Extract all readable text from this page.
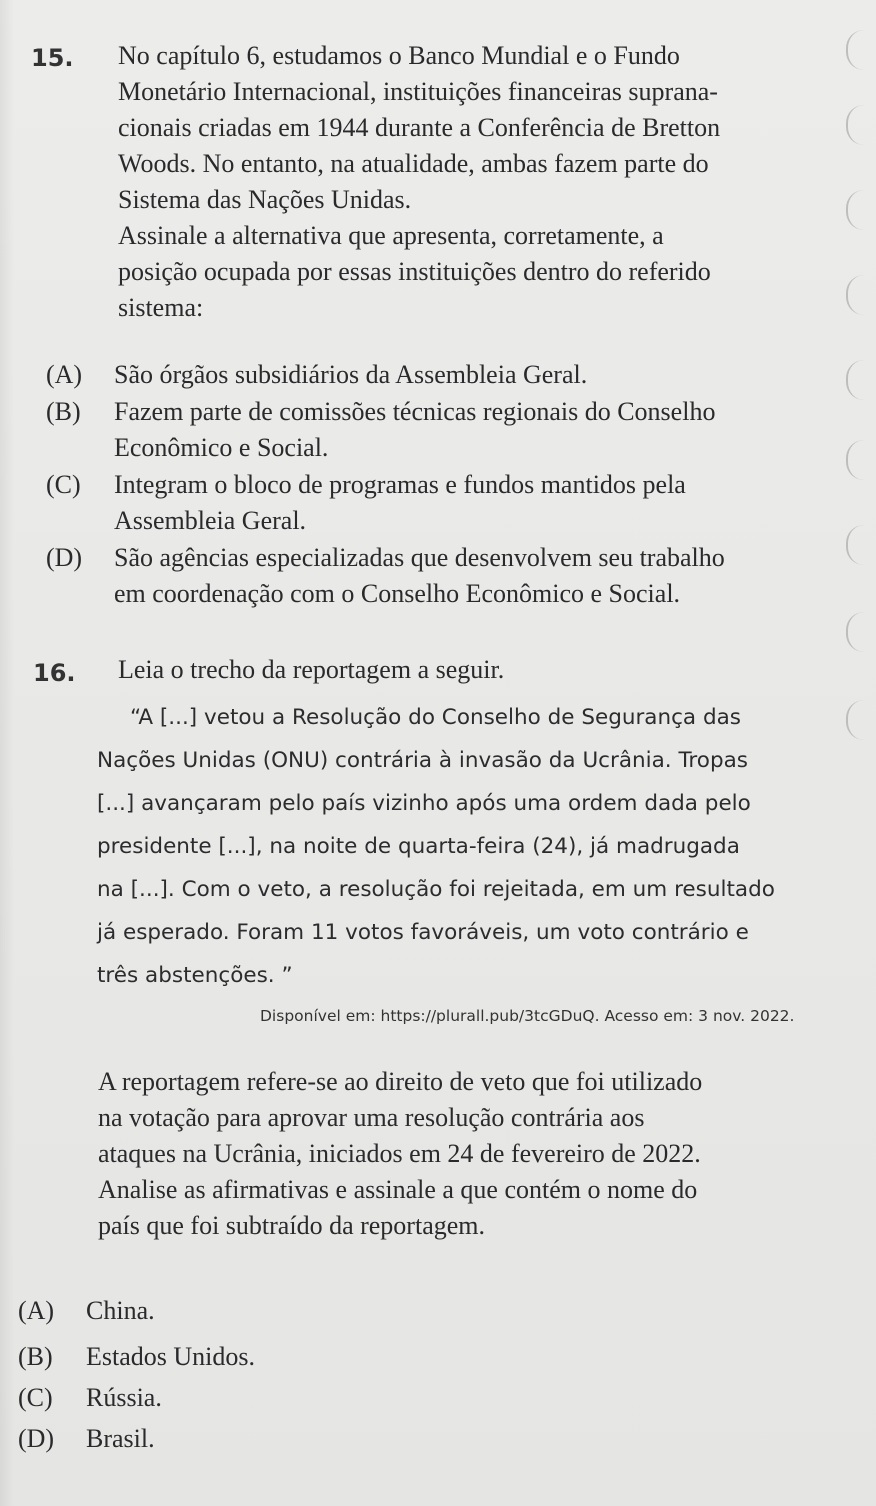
15. No capítulo 6, estudamos o Banco Mundial e o Fundo
Monetário Internacional, instituições financeiras suprana-
cionais criadas em 1944 durante a Conferência de Bretton
Woods. No entanto, na atualidade, ambas fazem parte do
Sistema das Nações Unidas.
Assinale a alternativa que apresenta, corretamente, a
posição ocupada por essas instituições dentro do referido
sistema:

(A) São órgãos subsidiários da Assembleia Geral.
(B) Fazem parte de comissões técnicas regionais do Conselho
Econômico e Social.
(C) Integram o bloco de programas e fundos mantidos pela
Assembleia Geral.
(D) São agências especializadas que desenvolvem seu trabalho
em coordenação com o Conselho Econômico e Social.
16. Leia o trecho da reportagem a seguir.
“A [...] vetou a Resolução do Conselho de Segurança das
Nações Unidas (ONU) contrária à invasão da Ucrânia. Tropas
[...] avançaram pelo país vizinho após uma ordem dada pelo
presidente [...], na noite de quarta-feira (24), já madrugada
na [...]. Com o veto, a resolução foi rejeitada, em um resultado
já esperado. Foram 11 votos favoráveis, um voto contrário e
três abstenções. ”
Disponível em: https://plurall.pub/3tcGDuQ. Acesso em: 3 nov. 2022.

A reportagem refere-se ao direito de veto que foi utilizado
na votação para aprovar uma resolução contrária aos
ataques na Ucrânia, iniciados em 24 de fevereiro de 2022.
Analise as afirmativas e assinale a que contém o nome do
país que foi subtraído da reportagem.

(A) China.
(B) Estados Unidos.
(C) Rússia.
(D) Brasil.
